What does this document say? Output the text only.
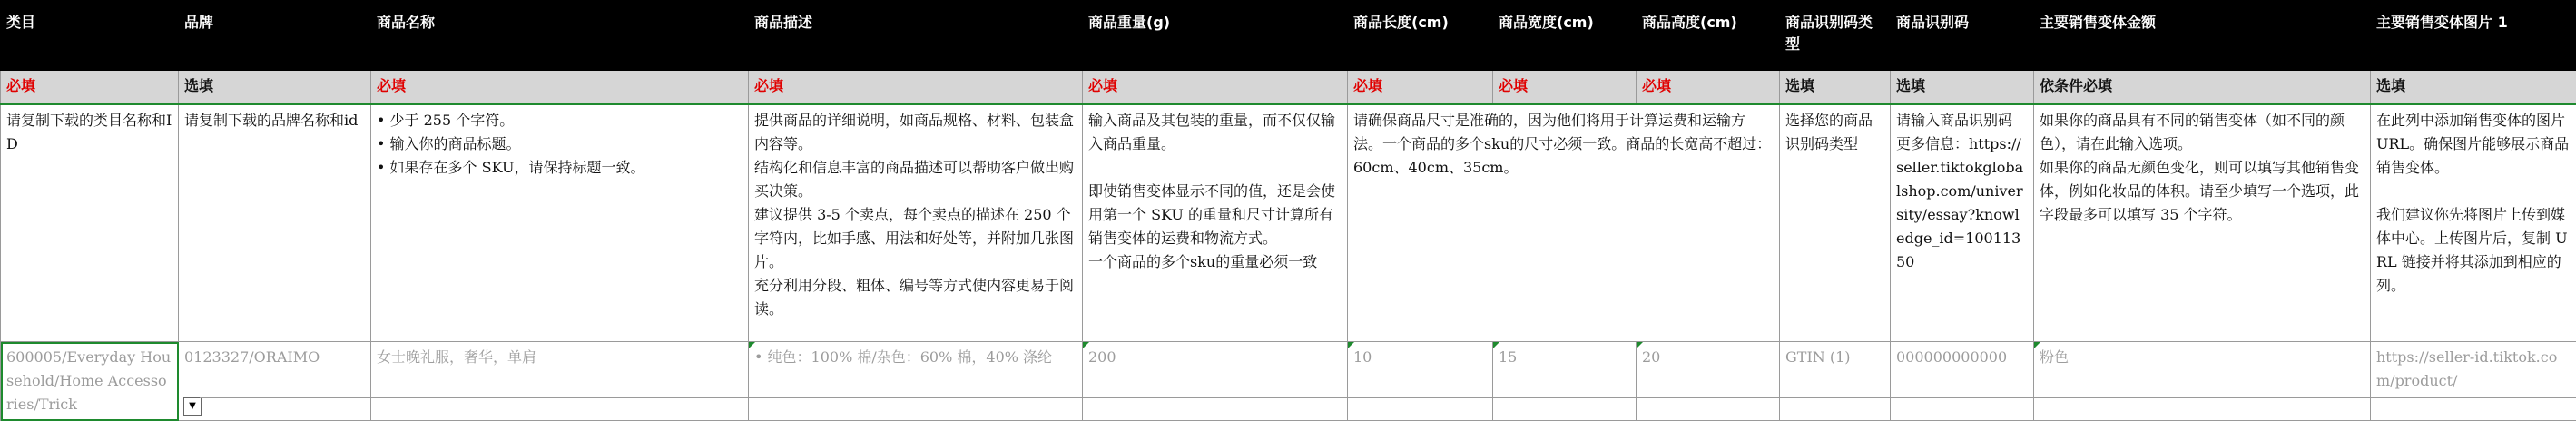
类目	品牌	商品名称	商品描述	商品重量(g)	商品长度(cm)	商品宽度(cm)	商品高度(cm)	商品识别码类型	商品识别码	主要销售变体金额	主要销售变体图片 1
必填	选填	必填	必填	必填	必填	必填	必填	选填	选填	依条件必填	选填

请复制下载的类目名称和ID	请复制下载的品牌名称和id	• 少于 255 个字符。
• 输入你的商品标题。
• 如果存在多个 SKU，请保持标题一致。	提供商品的详细说明，如商品规格、材料、包装盒内容等。
结构化和信息丰富的商品描述可以帮助客户做出购买决策。
建议提供 3-5 个卖点，每个卖点的描述在 250 个字符内，比如手感、用法和好处等，并附加几张图片。
充分利用分段、粗体、编号等方式使内容更易于阅读。	输入商品及其包装的重量，而不仅仅输入商品重量。

即使销售变体显示不同的值，还是会使用第一个 SKU 的重量和尺寸计算所有销售变体的运费和物流方式。
一个商品的多个sku的重量必须一致	请确保商品尺寸是准确的，因为他们将用于计算运费和运输方法。一个商品的多个sku的尺寸必须一致。商品的长宽高不超过：60cm、40cm、35cm。			选择您的商品识别码类型	请输入商品识别码
更多信息：https://seller.tiktokglobalshop.com/university/essay?knowledge_id=10011350	如果你的商品具有不同的销售变体（如不同的颜色），请在此输入选项。
如果你的商品无颜色变化，则可以填写其他销售变体，例如化妆品的体积。请至少填写一个选项，此字段最多可以填写 35 个字符。	在此列中添加销售变体的图片 URL。确保图片能够展示商品销售变体。

我们建议你先将图片上传到媒体中心。上传图片后，复制 URL 链接并将其添加到相应的列。

600005/Everyday Household/Home Accessories/Trick	0123327/ORAIMO	女士晚礼服，奢华，单肩	• 纯色：100% 棉/杂色：60% 棉，40% 涤纶	200	10	15	20	GTIN (1)	000000000000	粉色	https://seller-id.tiktok.com/product/
▼
